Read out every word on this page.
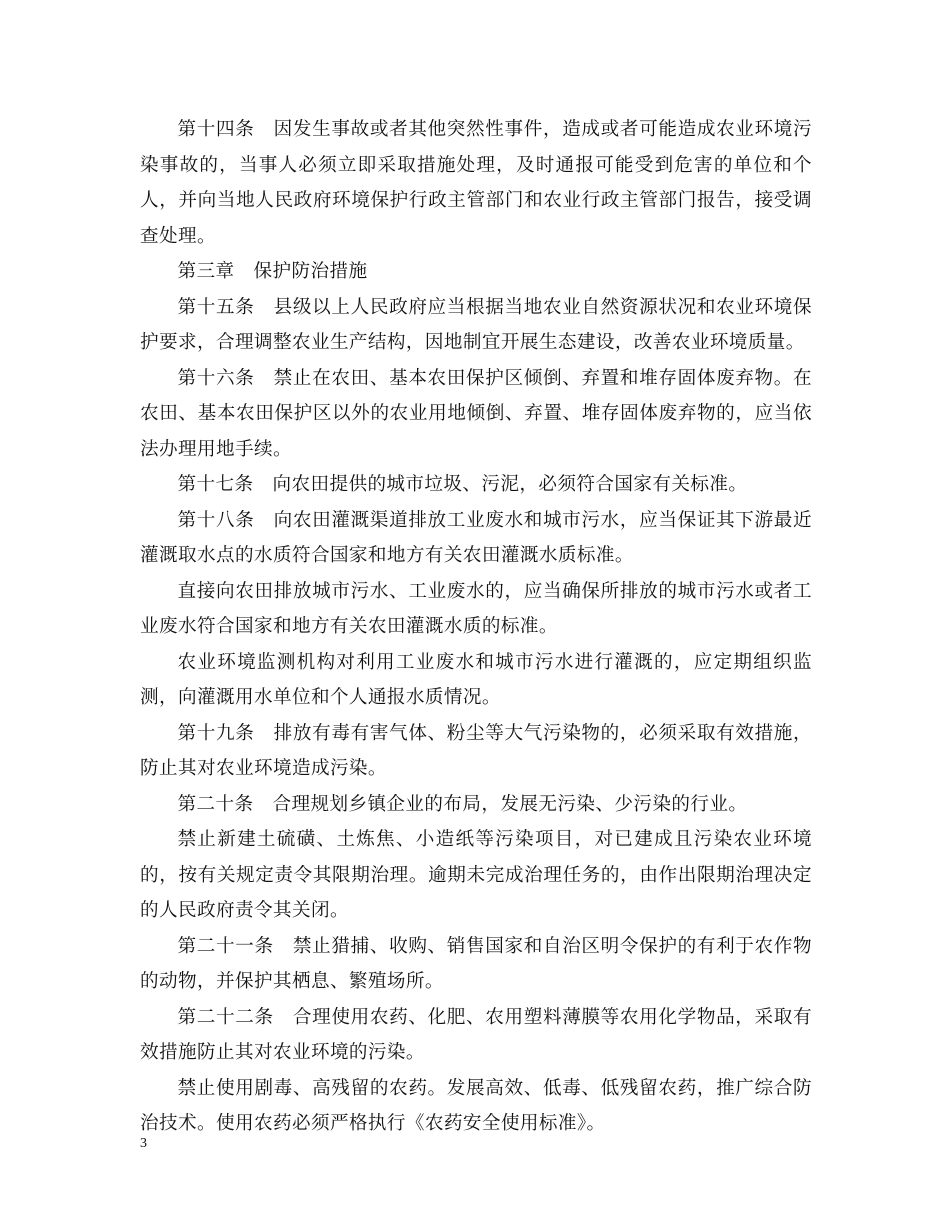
第十四条　因发生事故或者其他突然性事件，造成或者可能造成农业环境污染事故的，当事人必须立即采取措施处理，及时通报可能受到危害的单位和个人，并向当地人民政府环境保护行政主管部门和农业行政主管部门报告，接受调查处理。

第三章　保护防治措施

第十五条　县级以上人民政府应当根据当地农业自然资源状况和农业环境保护要求，合理调整农业生产结构，因地制宜开展生态建设，改善农业环境质量。

第十六条　禁止在农田、基本农田保护区倾倒、弃置和堆存固体废弃物。在农田、基本农田保护区以外的农业用地倾倒、弃置、堆存固体废弃物的，应当依法办理用地手续。

第十七条　向农田提供的城市垃圾、污泥，必须符合国家有关标准。

第十八条　向农田灌溉渠道排放工业废水和城市污水，应当保证其下游最近灌溉取水点的水质符合国家和地方有关农田灌溉水质标准。

直接向农田排放城市污水、工业废水的，应当确保所排放的城市污水或者工业废水符合国家和地方有关农田灌溉水质的标准。

农业环境监测机构对利用工业废水和城市污水进行灌溉的，应定期组织监测，向灌溉用水单位和个人通报水质情况。

第十九条　排放有毒有害气体、粉尘等大气污染物的，必须采取有效措施，防止其对农业环境造成污染。

第二十条　合理规划乡镇企业的布局，发展无污染、少污染的行业。

禁止新建土硫磺、土炼焦、小造纸等污染项目，对已建成且污染农业环境的，按有关规定责令其限期治理。逾期未完成治理任务的，由作出限期治理决定的人民政府责令其关闭。

第二十一条　禁止猎捕、收购、销售国家和自治区明令保护的有利于农作物的动物，并保护其栖息、繁殖场所。

第二十二条　合理使用农药、化肥、农用塑料薄膜等农用化学物品，采取有效措施防止其对农业环境的污染。

禁止使用剧毒、高残留的农药。发展高效、低毒、低残留农药，推广综合防治技术。使用农药必须严格执行《农药安全使用标准》。

3
